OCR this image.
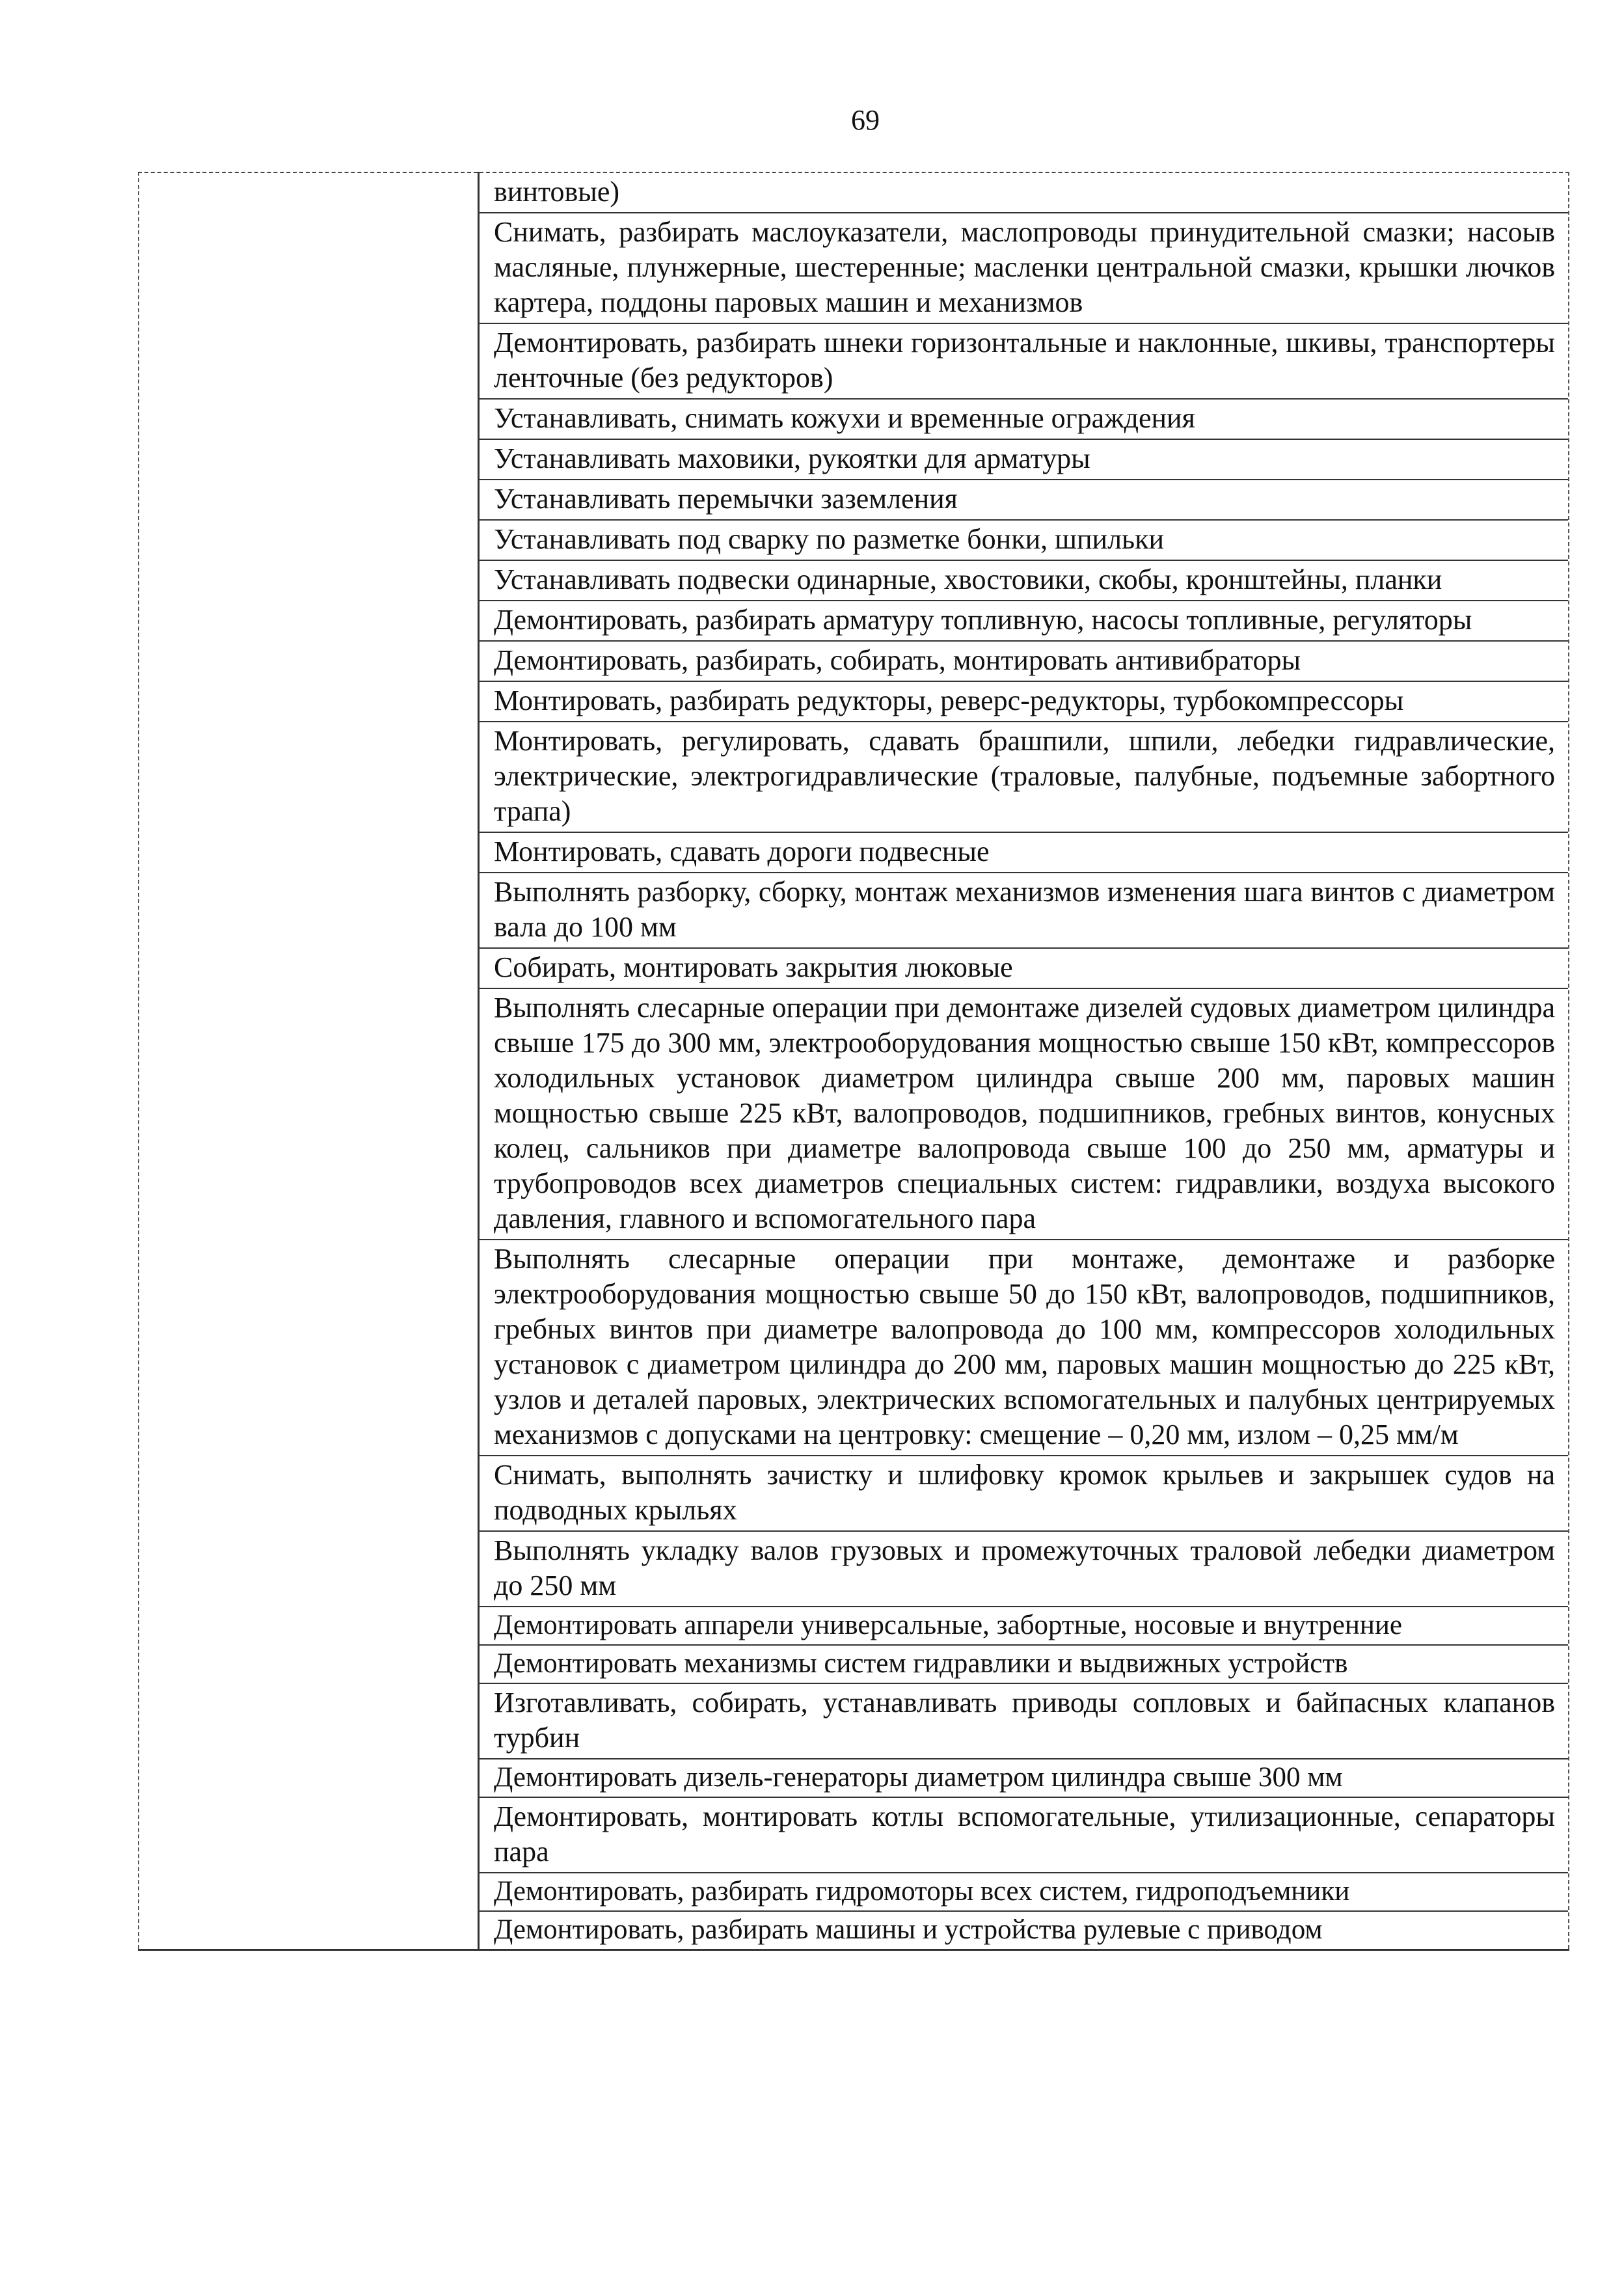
69

винтовые)
Снимать, разбирать маслоуказатели, маслопроводы принудительной смазки; насоыв масляные, плунжерные, шестеренные; масленки центральной смазки, крышки лючков картера, поддоны паровых машин и механизмов
Демонтировать, разбирать шнеки горизонтальные и наклонные, шкивы, транспортеры ленточные (без редукторов)
Устанавливать, снимать кожухи и временные ограждения
Устанавливать маховики, рукоятки для арматуры
Устанавливать перемычки заземления
Устанавливать под сварку по разметке бонки, шпильки
Устанавливать подвески одинарные, хвостовики, скобы, кронштейны, планки
Демонтировать, разбирать арматуру топливную, насосы топливные, регуляторы
Демонтировать, разбирать, собирать, монтировать антивибраторы
Монтировать, разбирать редукторы, реверс-редукторы, турбокомпрессоры
Монтировать, регулировать, сдавать брашпили, шпили, лебедки гидравлические, электрические, электрогидравлические (траловые, палубные, подъемные забортного трапа)
Монтировать, сдавать дороги подвесные
Выполнять разборку, сборку, монтаж механизмов изменения шага винтов с диаметром вала до 100 мм
Собирать, монтировать закрытия люковые
Выполнять слесарные операции при демонтаже дизелей судовых диаметром цилиндра свыше 175 до 300 мм, электрооборудования мощностью свыше 150 кВт, компрессоров холодильных установок диаметром цилиндра свыше 200 мм, паровых машин мощностью свыше 225 кВт, валопроводов, подшипников, гребных винтов, конусных колец, сальников при диаметре валопровода свыше 100 до 250 мм, арматуры и трубопроводов всех диаметров специальных систем: гидравлики, воздуха высокого давления, главного и вспомогательного пара
Выполнять слесарные операции при монтаже, демонтаже и разборке электрооборудования мощностью свыше 50 до 150 кВт, валопроводов, подшипников, гребных винтов при диаметре валопровода до 100 мм, компрессоров холодильных установок с диаметром цилиндра до 200 мм, паровых машин мощностью до 225 кВт, узлов и деталей паровых, электрических вспомогательных и палубных центрируемых механизмов с допусками на центровку: смещение – 0,20 мм, излом – 0,25 мм/м
Снимать, выполнять зачистку и шлифовку кромок крыльев и закрышек судов на подводных крыльях
Выполнять укладку валов грузовых и промежуточных траловой лебедки диаметром до 250 мм
Демонтировать аппарели универсальные, забортные, носовые и внутренние
Демонтировать механизмы систем гидравлики и выдвижных устройств
Изготавливать, собирать, устанавливать приводы сопловых и байпасных клапанов турбин
Демонтировать дизель-генераторы диаметром цилиндра свыше 300 мм
Демонтировать, монтировать котлы вспомогательные, утилизационные, сепараторы пара
Демонтировать, разбирать гидромоторы всех систем, гидроподъемники
Демонтировать, разбирать машины и устройства рулевые с приводом
